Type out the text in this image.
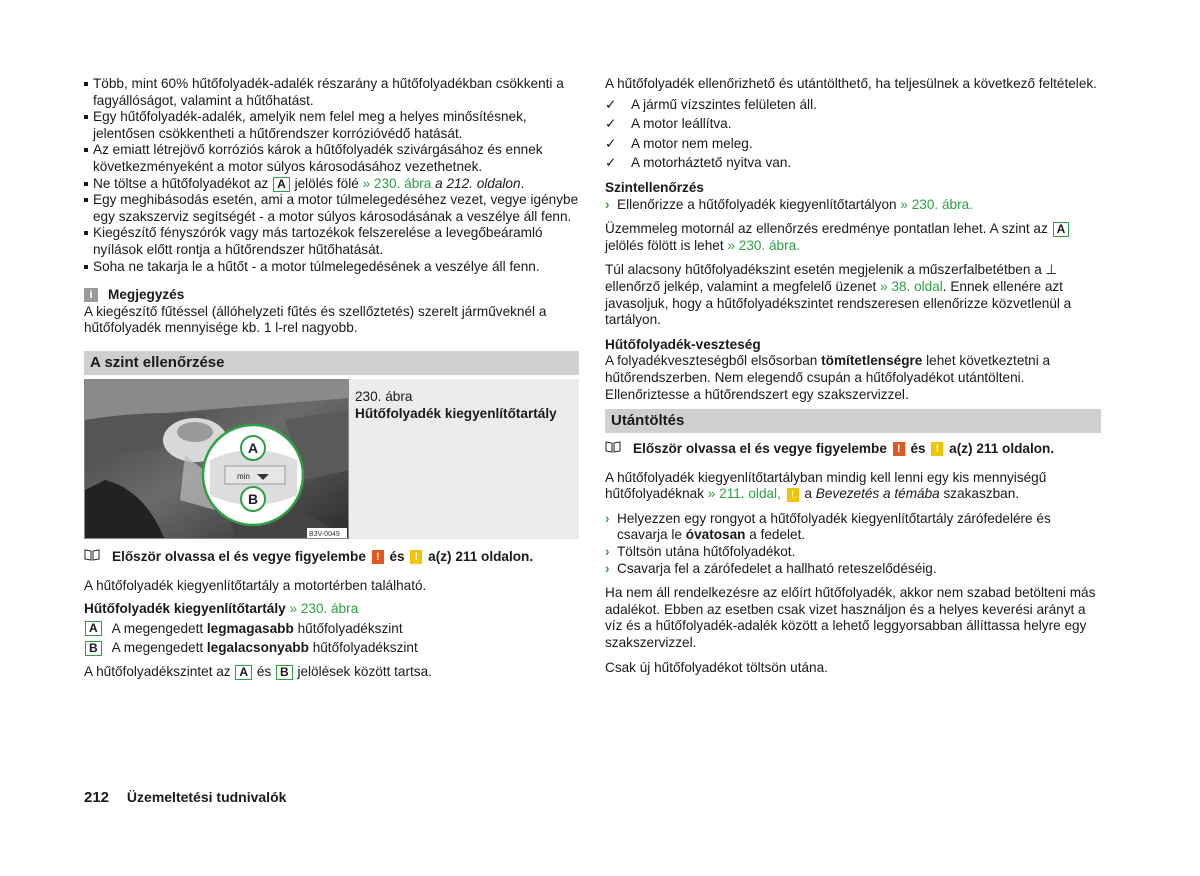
Több, mint 60% hűtőfolyadék-adalék részarány a hűtőfolyadékban csökkenti a fagyállóságot, valamint a hűtőhatást.

Egy hűtőfolyadék-adalék, amelyik nem felel meg a helyes minősítésnek, jelentősen csökkentheti a hűtőrendszer korrózióvédő hatását.

Az emiatt létrejövő korróziós károk a hűtőfolyadék szivárgásához és ennek következményeként a motor súlyos károsodásához vezethetnek.

Ne töltse a hűtőfolyadékot az A jelölés fölé » 230. ábra a 212. oldalon.

Egy meghibásodás esetén, ami a motor túlmelegedéséhez vezet, vegye igénybe egy szakszerviz segítségét - a motor súlyos károsodásának a veszélye áll fenn.

Kiegészítő fényszórók vagy más tartozékok felszerelése a levegőbeáramló nyílások előtt rontja a hűtőrendszer hűtőhatását.

Soha ne takarja le a hűtőt - a motor túlmelegedésének a veszélye áll fenn.

i	Megjegyzés

A kiegészítő fűtéssel (állóhelyzeti fűtés és szellőztetés) szerelt járműveknél a hűtőfolyadék mennyisége kb. 1 l-rel nagyobb.

A szint ellenőrzése
min
A
B
B3V-0049

230. ábra

Hűtőfolyadék kiegyenlítőtartály

Először olvassa el és vegye figyelembe
!
és
!
a(z) 211 oldalon.

A hűtőfolyadék kiegyenlítőtartály a motortérben található.

Hűtőfolyadék kiegyenlítőtartály » 230. ábra

A A megengedett legmagasabb hűtőfolyadékszint
B A megengedett legalacsonyabb hűtőfolyadékszint

A hűtőfolyadékszintet az A és B jelölések között tartsa.

A hűtőfolyadék ellenőrizhető és utántölthető, ha teljesülnek a következő feltételek.

✓	A jármű vízszintes felületen áll.
✓	A motor leállítva.
✓	A motor nem meleg.
✓	A motorháztető nyitva van.

Szintellenőrzés

› Ellenőrizze a hűtőfolyadék kiegyenlítőtartályon » 230. ábra.

Üzemmeleg motornál az ellenőrzés eredménye pontatlan lehet. A szint az A jelölés fölött is lehet » 230. ábra.

Túl alacsony hűtőfolyadékszint esetén megjelenik a műszerfalbetétben a ⊥ ellenőrző jelkép, valamint a megfelelő üzenet » 38. oldal. Ennek ellenére azt javasoljuk, hogy a hűtőfolyadékszintet rendszeresen ellenőrizze közvetlenül a tartályon.

Hűtőfolyadék-veszteség

A folyadékveszteségből elsősorban tömítetlenségre lehet következtetni a hűtőrendszerben. Nem elegendő csupán a hűtőfolyadékot utántölteni. Ellenőriztesse a hűtőrendszert egy szakszervizzel.

Utántöltés
Először olvassa el és vegye figyelembe
!
és
!
a(z) 211 oldalon.

A hűtőfolyadék kiegyenlítőtartályban mindig kell lenni egy kis mennyiségű hűtőfolyadéknak » 211. oldal, ! a Bevezetés a témába szakaszban.

› Helyezzen egy rongyot a hűtőfolyadék kiegyenlítőtartály zárófedelére és csavarja le óvatosan a fedelet.
› Töltsön utána hűtőfolyadékot.
› Csavarja fel a zárófedelet a hallható reteszelődéséig.

Ha nem áll rendelkezésre az előírt hűtőfolyadék, akkor nem szabad betölteni más adalékot. Ebben az esetben csak vizet használjon és a helyes keverési arányt a víz és a hűtőfolyadék-adalék között a lehető leggyorsabban állíttassa helyre egy szakszervizzel.

Csak új hűtőfolyadékot töltsön utána.

212 Üzemeltetési tudnivalók
